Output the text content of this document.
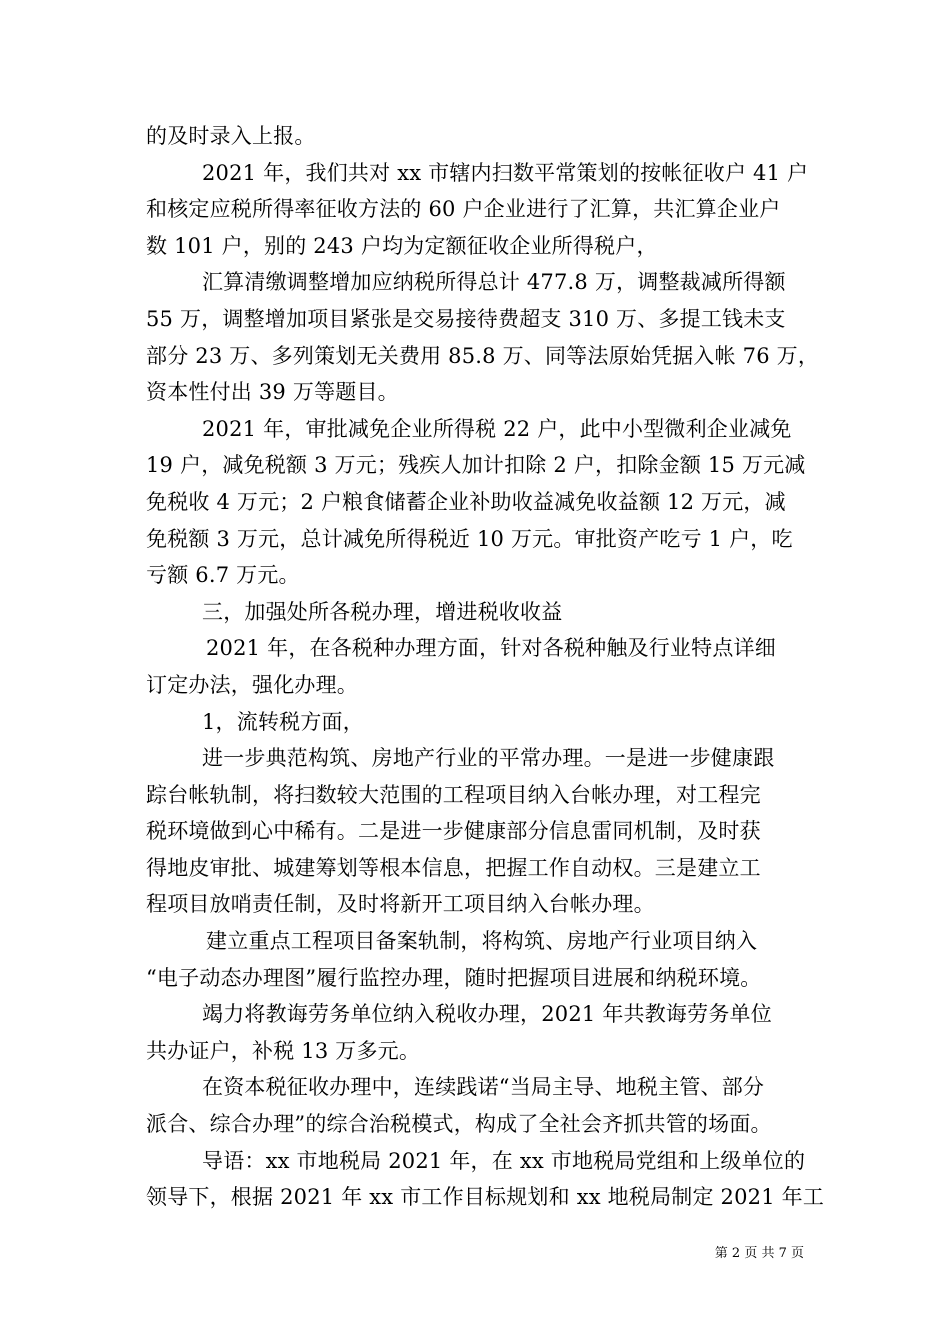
的及时录入上报。
2021 年，我们共对 xx 市辖内扫数平常策划的按帐征收户 41 户
和核定应税所得率征收方法的 60 户企业进行了汇算，共汇算企业户
数 101 户，别的 243 户均为定额征收企业所得税户，
汇算清缴调整增加应纳税所得总计 477.8 万，调整裁减所得额
55 万，调整增加项目紧张是交易接待费超支 310 万、多提工钱未支
部分 23 万、多列策划无关费用 85.8 万、同等法原始凭据入帐 76 万，
资本性付出 39 万等题目。
2021 年，审批减免企业所得税 22 户，此中小型微利企业减免
19 户，减免税额 3 万元；残疾人加计扣除 2 户，扣除金额 15 万元减
免税收 4 万元；2 户粮食储蓄企业补助收益减免收益额 12 万元，减
免税额 3 万元，总计减免所得税近 10 万元。审批资产吃亏 1 户，吃
亏额 6.7 万元。
三，加强处所各税办理，增进税收收益
2021 年，在各税种办理方面，针对各税种触及行业特点详细
订定办法，强化办理。
1，流转税方面，
进一步典范构筑、房地产行业的平常办理。一是进一步健康跟
踪台帐轨制，将扫数较大范围的工程项目纳入台帐办理，对工程完
税环境做到心中稀有。二是进一步健康部分信息雷同机制，及时获
得地皮审批、城建筹划等根本信息，把握工作自动权。三是建立工
程项目放哨责任制，及时将新开工项目纳入台帐办理。
建立重点工程项目备案轨制，将构筑、房地产行业项目纳入
“电子动态办理图”履行监控办理，随时把握项目进展和纳税环境。
竭力将教诲劳务单位纳入税收办理，2021 年共教诲劳务单位
共办证户，补税 13 万多元。
在资本税征收办理中，连续践诺“当局主导、地税主管、部分
派合、综合办理”的综合治税模式，构成了全社会齐抓共管的场面。
导语：xx 市地税局 2021 年，在 xx 市地税局党组和上级单位的
领导下，根据 2021 年 xx 市工作目标规划和 xx 地税局制定 2021 年工
第 2 页 共 7 页
